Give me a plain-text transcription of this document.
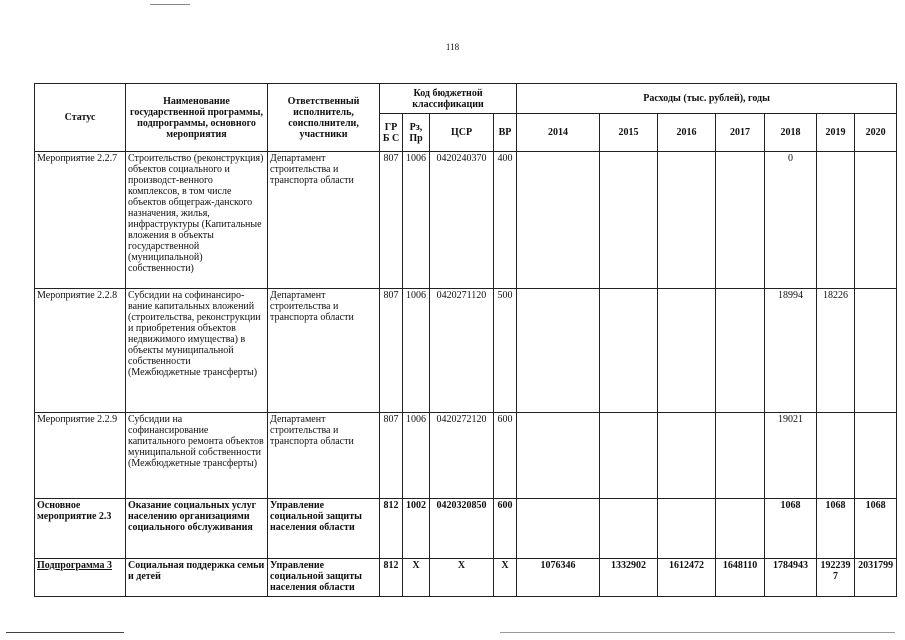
118
Статус	Наименование государственной программы, подпрограммы, основного мероприятия	Ответственный исполнитель, соисполнители, участники	Код бюджетной классификации				Расходы (тыс. рублей), годы						
			ГРБ С	Рз, Пр	ЦСР	ВР	2014	2015	2016	2017	2018	2019	2020
Мероприятие 2.2.7	Строительство (реконструкция) объектов социального и производст-венного комплексов, в том числе объектов общеграж-данского назначения, жилья, инфраструктуры (Капитальные вложения в объекты государственной (муниципальной) собственности)	Департамент строительства и транспорта области	807	1006	0420240370	400					0		
Мероприятие 2.2.8	Субсидии на софинансиро-вание капитальных вложений (строительства, реконструкции и приобретения объектов недвижимого имущества) в объекты муниципальной собственности (Межбюджетные трансферты)	Департамент строительства и транспорта области	807	1006	0420271120	500					18994	18226	
Мероприятие 2.2.9	Субсидии на софинансирование капитального ремонта объектов муниципальной собственности (Межбюджетные трансферты)	Департамент строительства и транспорта области	807	1006	0420272120	600					19021		
Основное мероприятие 2.3	Оказание социальных услуг населению организациями социального обслуживания	Управление социальной защиты населения области	812	1002	0420320850	600					1068	1068	1068
Подпрограмма 3	Социальная поддержка семьи и детей	Управление социальной защиты населения области	812	Х	Х	Х	1076346	1332902	1612472	1648110	1784943	1922397	2031799
